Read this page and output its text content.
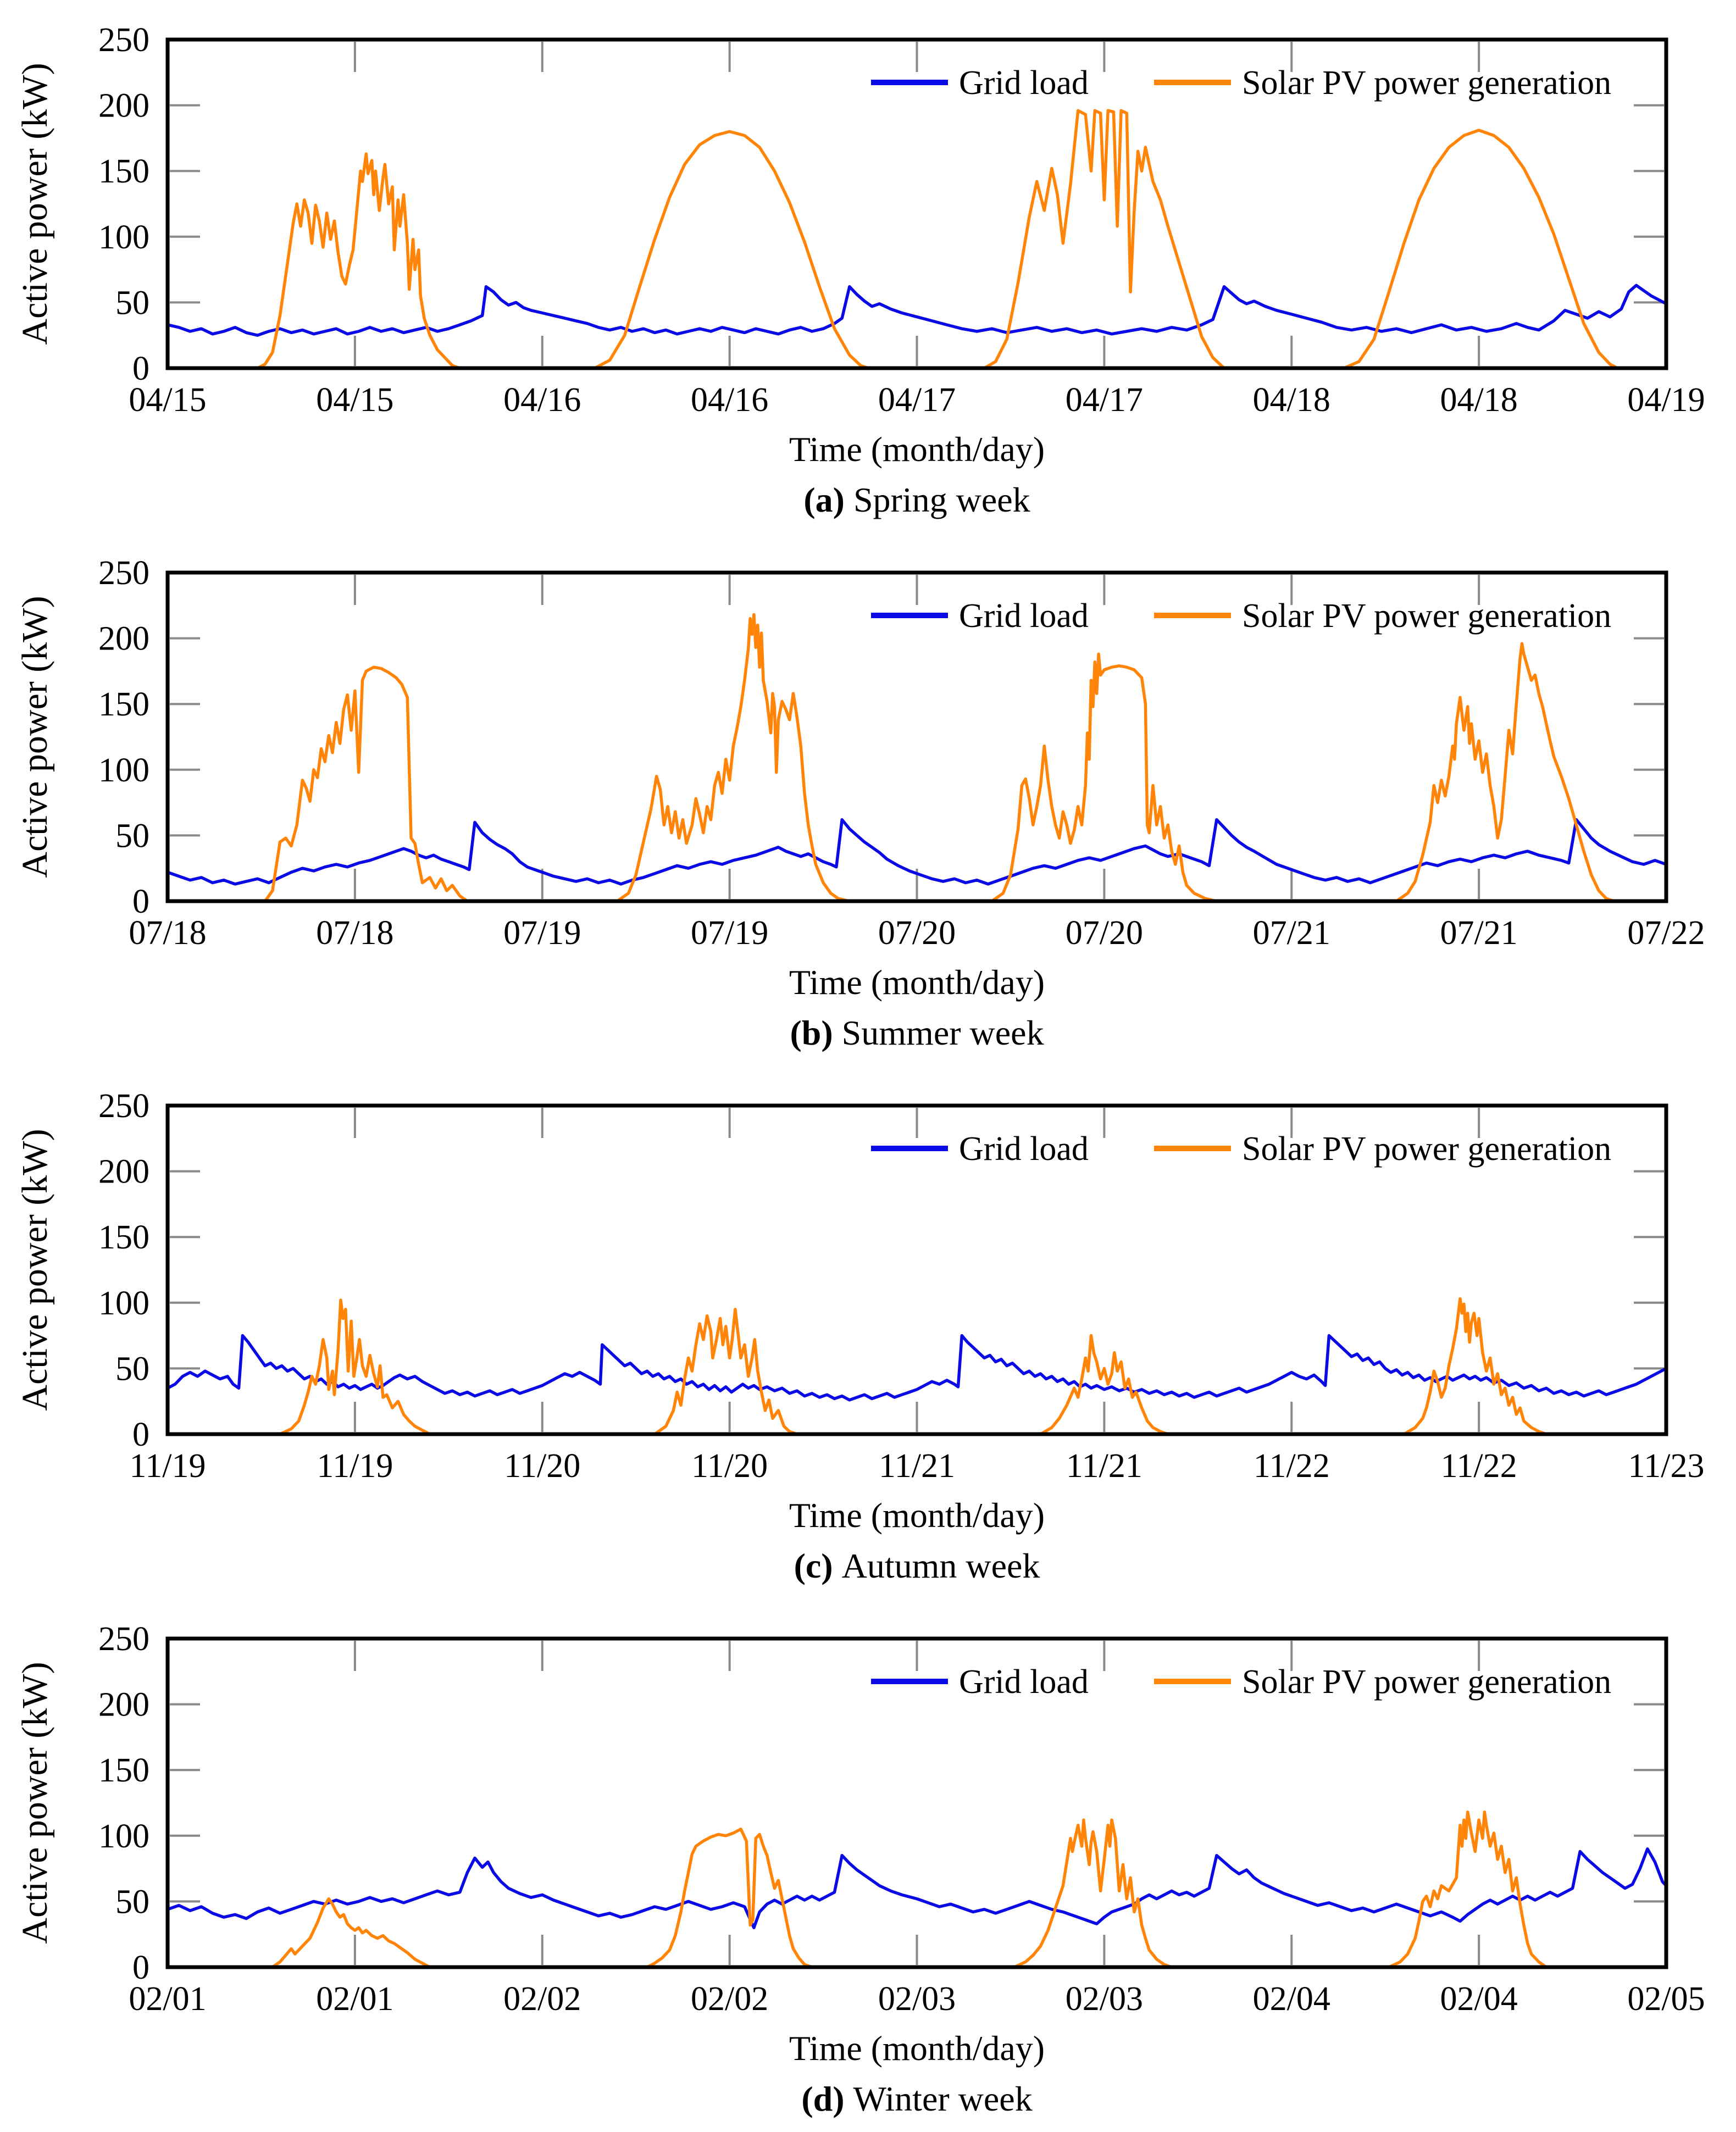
0
50
100
150
200
250
04/15	04/15	04/16	04/16	04/17	04/17	04/18	04/18	04/19
Grid load	Solar PV power generation
Active power (kW)
Time (month/day)
(a) Spring week
0
50
100
150
200
250
07/18	07/18	07/19	07/19	07/20	07/20	07/21	07/21	07/22
Grid load	Solar PV power generation
Active power (kW)
Time (month/day)
(b) Summer week
0
50
100
150
200
250
11/19	11/19	11/20	11/20	11/21	11/21	11/22	11/22	11/23
Grid load	Solar PV power generation
Active power (kW)
Time (month/day)
(c) Autumn week
0
50
100
150
200
250
02/01	02/01	02/02	02/02	02/03	02/03	02/04	02/04	02/05
Grid load	Solar PV power generation
Active power (kW)
Time (month/day)
(d) Winter week
